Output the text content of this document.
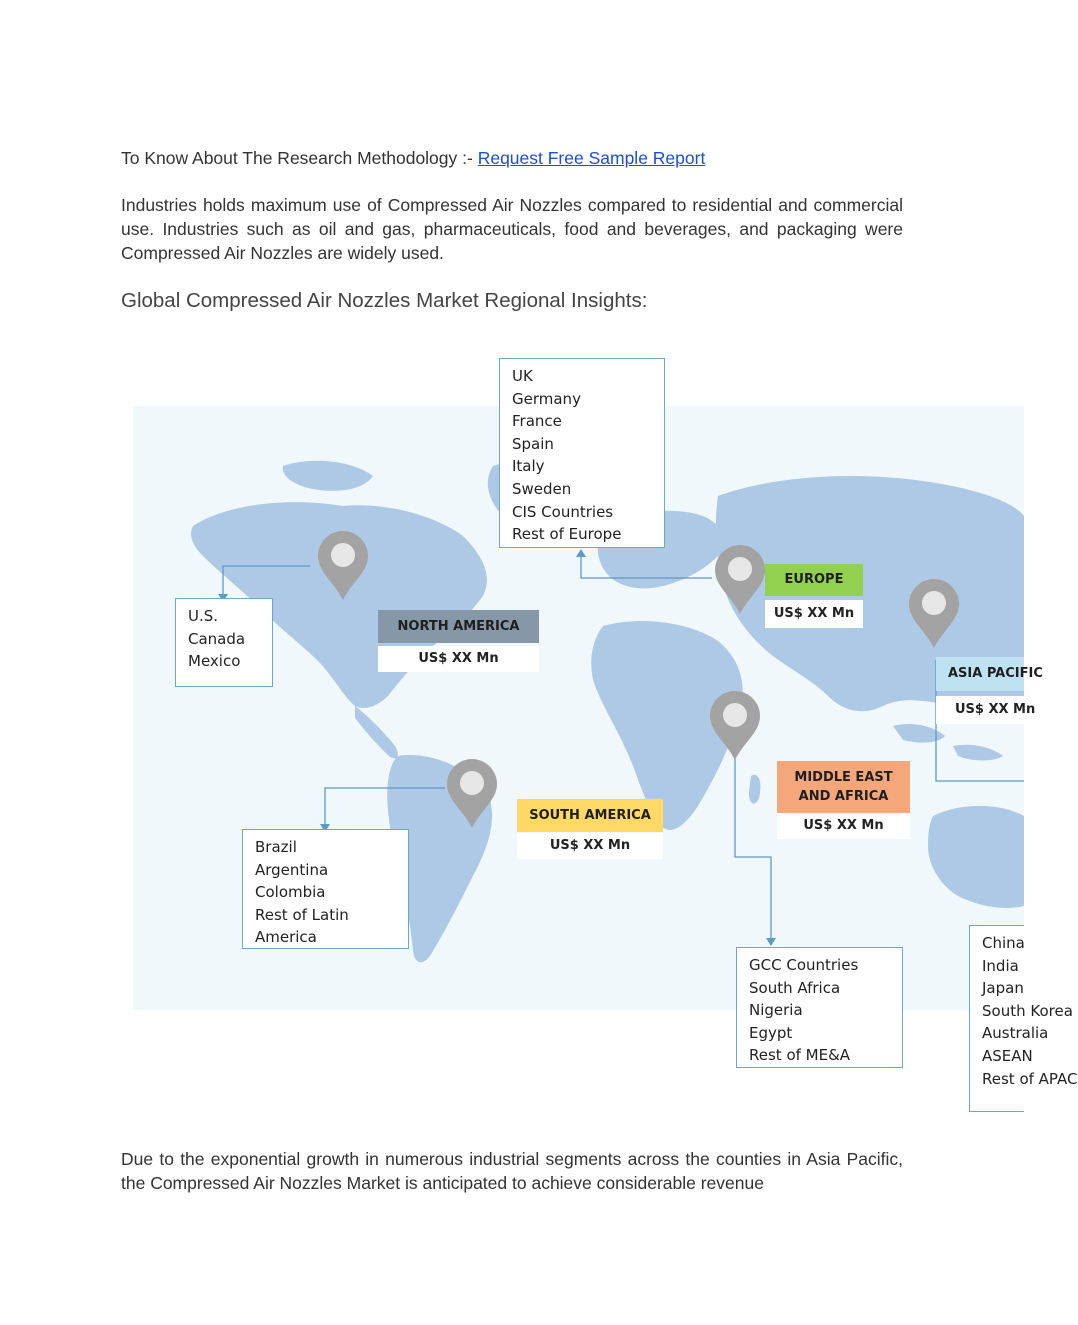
To Know About The Research Methodology :- Request Free Sample Report

Industries holds maximum use of Compressed Air Nozzles compared to residential and commercial use. Industries such as oil and gas, pharmaceuticals, food and beverages, and packaging were Compressed Air Nozzles are widely used.

Global Compressed Air Nozzles Market Regional Insights:
UK
Germany
France
Spain
Italy
Sweden
CIS Countries
Rest of Europe
U.S.
Canada
Mexico
NORTH AMERICA
US$ XX Mn
EUROPE
US$ XX Mn
ASIA PACIFIC
US$ XX Mn
MIDDLE EAST
AND AFRICA
US$ XX Mn
SOUTH AMERICA
US$ XX Mn
Brazil
Argentina
Colombia
Rest of Latin
America
GCC Countries
South Africa
Nigeria
Egypt
Rest of ME&A
China
India
Japan
South Korea
Australia
ASEAN
Rest of APAC

Due to the exponential growth in numerous industrial segments across the counties in Asia Pacific, the Compressed Air Nozzles Market is anticipated to achieve considerable revenue
